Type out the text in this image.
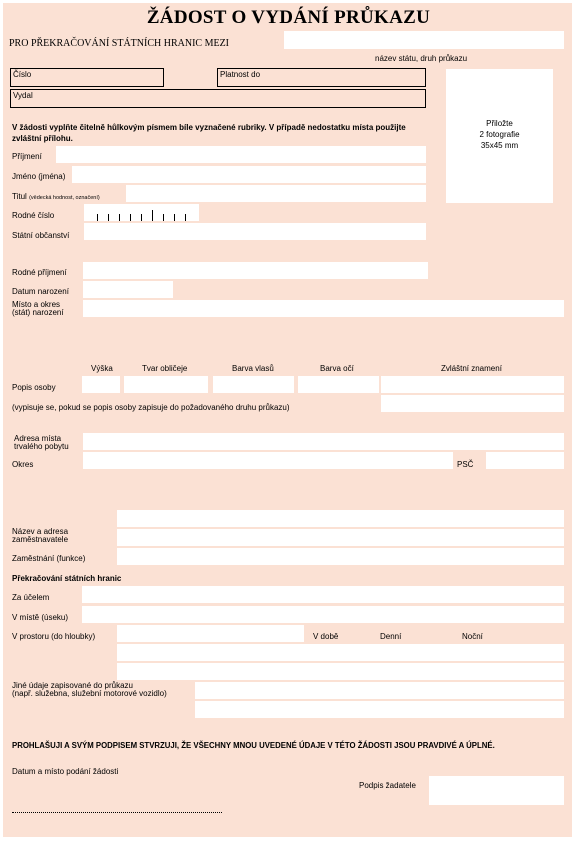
ŽÁDOST O VYDÁNÍ PRŮKAZU
PRO PŘEKRAČOVÁNÍ STÁTNÍCH HRANIC MEZI
název státu, druh průkazu
Číslo	Platnost do
Vydal
Přiložte
2 fotografie
35x45 mm
V žádosti vyplňte čitelně hůlkovým písmem bíle vyznačené rubriky. V případě nedostatku místa použijte zvláštní přílohu.
Příjmení
Jméno (jména)
Titul (vědecká hodnost, označení)
Rodné číslo
Státní občanství
Rodné příjmení
Datum narození
Místo a okres
(stát) narození
Výška	Tvar obličeje	Barva vlasů	Barva očí	Zvláštní znamení
Popis osoby
(vypisuje se, pokud se popis osoby zapisuje do požadovaného druhu průkazu)
Adresa místa
trvalého pobytu
Okres	PSČ
Název a adresa
zaměstnavatele
Zaměstnání (funkce)
Překračování státních hranic
Za účelem
V místě (úseku)
V prostoru (do hloubky)	V době	Denní	Noční
Jiné údaje zapisované do průkazu
(např. služebna, služební motorové vozidlo)
PROHLAŠUJI A SVÝM PODPISEM STVRZUJI, ŽE VŠECHNY MNOU UVEDENÉ ÚDAJE V TÉTO ŽÁDOSTI JSOU PRAVDIVÉ A ÚPLNÉ.
Datum a místo podání žádosti
Podpis žadatele
